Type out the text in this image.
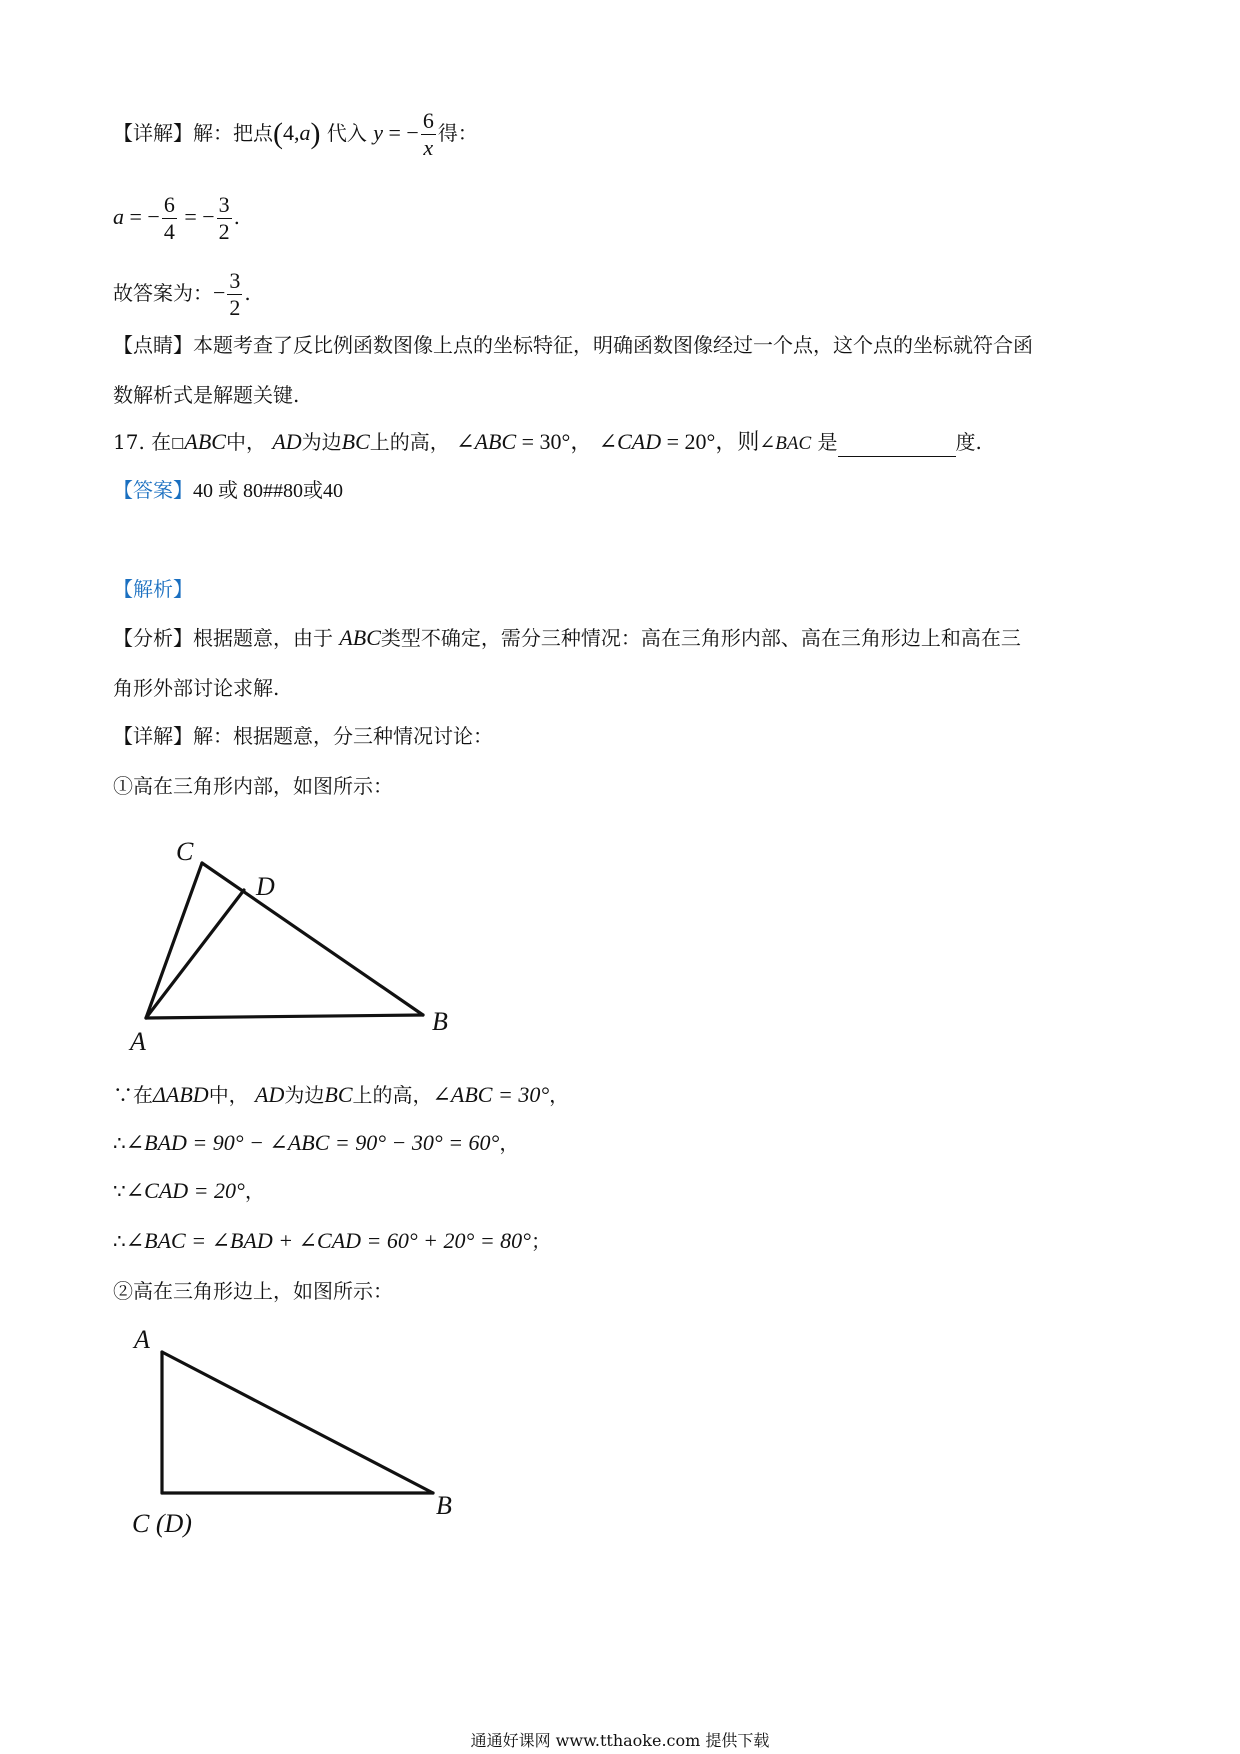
【详解】解：把点(4,a) 代入 y = − $\frac{6}{x}$ 得：
a = − $\frac{6}{4}$ = − $\frac{3}{2}$ .
故答案为：− $\frac{3}{2}$ .
【点睛】本题考查了反比例函数图像上点的坐标特征，明确函数图像经过一个点，这个点的坐标就符合函
数解析式是解题关键.
17. 在□ABC中， AD为边BC上的高， ∠ABC = 30°， ∠CAD = 20°，则∠BAC 是	度.
【答案】40 或 80##80或40
【解析】
【分析】根据题意，由于 ABC类型不确定，需分三种情况：高在三角形内部、高在三角形边上和高在三
角形外部讨论求解.
【详解】解：根据题意，分三种情况讨论：
①高在三角形内部，如图所示：
C
D
A
B
∵在ΔABD中， AD为边BC上的高，∠ABC = 30°，
∴∠BAD = 90° − ∠ABC = 90° − 30° = 60°，
∵∠CAD = 20°，
∴∠BAC = ∠BAD + ∠CAD = 60° + 20° = 80°；
②高在三角形边上，如图所示：
A
C (D)
B
通通好课网 www.tthaoke.com 提供下载
